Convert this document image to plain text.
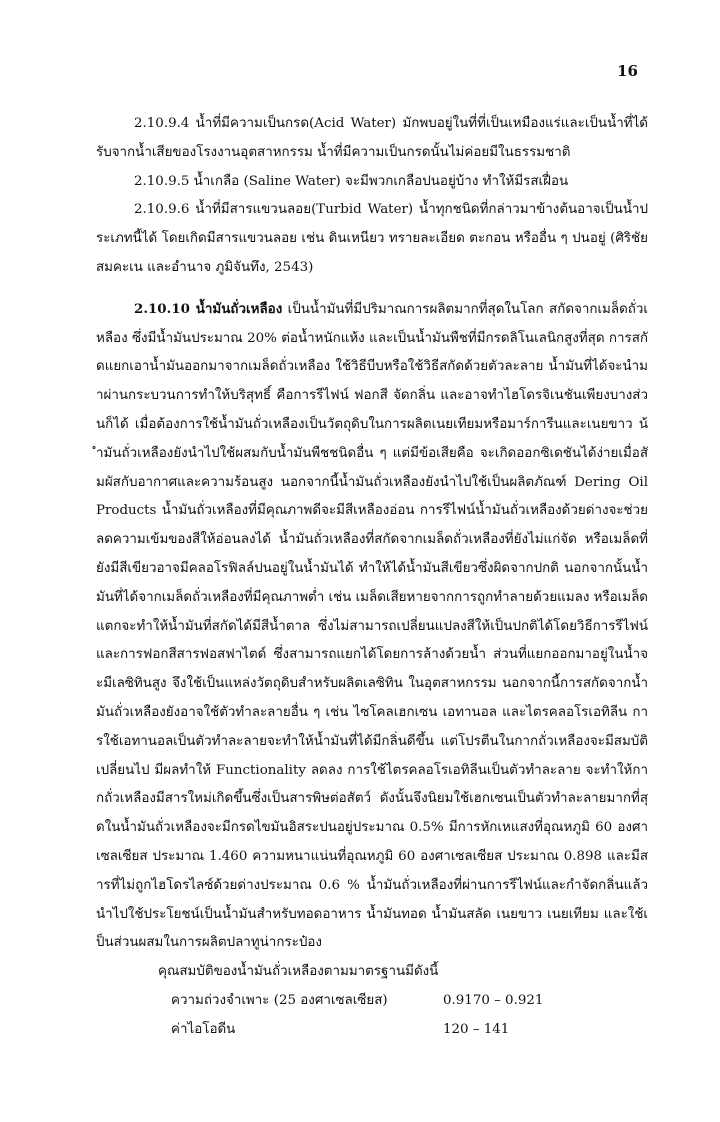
16

2.10.9.4 น้ำที่มีความเป็นกรด(Acid Water) มักพบอยู่ในที่ที่เป็นเหมืองแร่และเป็นน้ำที่ได้รับจากน้ำเสียของโรงงานอุตสาหกรรม น้ำที่มีความเป็นกรดนั้นไม่ค่อยมีในธรรมชาติ

2.10.9.5 น้ำเกลือ (Saline Water) จะมีพวกเกลือปนอยู่บ้าง ทำให้มีรสเฝื่อน

2.10.9.6 น้ำที่มีสารแขวนลอย(Turbid Water) น้ำทุกชนิดที่กล่าวมาข้างต้นอาจเป็นน้ำประเภทนี้ได้ โดยเกิดมีสารแขวนลอย เช่น ดินเหนียว ทรายละเอียด ตะกอน หรืออื่น ๆ ปนอยู่ (ศิริชัย สมคะเน และอำนาจ ภูมิจันทึง, 2543)

2.10.10 น้ำมันถั่วเหลือง เป็นน้ำมันที่มีปริมาณการผลิตมากที่สุดในโลก สกัดจากเมล็ดถั่วเหลือง ซึ่งมีน้ำมันประมาณ 20% ต่อน้ำหนักแห้ง และเป็นน้ำมันพืชที่มีกรดลิโนเลนิกสูงที่สุด การสกัดแยกเอาน้ำมันออกมาจากเมล็ดถั่วเหลือง ใช้วิธีบีบหรือใช้วิธีสกัดด้วยตัวละลาย น้ำมันที่ได้จะนำมาผ่านกระบวนการทำให้บริสุทธิ์ คือการรีไฟน์ ฟอกสี จัดกลิ่น และอาจทำไฮโดรจิเนชันเพียงบางส่วนก็ได้ เมื่อต้องการใช้น้ำมันถั่วเหลืองเป็นวัตถุดิบในการผลิตเนยเทียมหรือมาร์การีนและเนยขาว น้ำมันถั่วเหลืองยังนำไปใช้ผสมกับน้ำมันพืชชนิดอื่น ๆ แต่มีข้อเสียคือ จะเกิดออกซิเดชันได้ง่ายเมื่อสัมผัสกับอากาศและความร้อนสูง นอกจากนี้น้ำมันถั่วเหลืองยังนำไปใช้เป็นผลิตภัณฑ์ Dering Oil Products น้ำมันถั่วเหลืองที่มีคุณภาพดีจะมีสีเหลืองอ่อน การรีไฟน์น้ำมันถั่วเหลืองด้วยด่างจะช่วยลดความเข้มของสีให้อ่อนลงได้ น้ำมันถั่วเหลืองที่สกัดจากเมล็ดถั่วเหลืองที่ยังไม่แก่จัด หรือเมล็ดที่ยังมีสีเขียวอาจมีคลอโรฟิลล์ปนอยู่ในน้ำมันได้ ทำให้ได้น้ำมันสีเขียวซึ่งผิดจากปกติ นอกจากนั้นน้ำมันที่ได้จากเมล็ดถั่วเหลืองที่มีคุณภาพต่ำ เช่น เมล็ดเสียหายจากการถูกทำลายด้วยแมลง หรือเมล็ดแตกจะทำให้น้ำมันที่สกัดได้มีสีน้ำตาล ซึ่งไม่สามารถเปลี่ยนแปลงสีให้เป็นปกติได้โดยวิธีการรีไฟน์และการฟอกสีสารฟอสฟาไตด์ ซึ่งสามารถแยกได้โดยการล้างด้วยน้ำ ส่วนที่แยกออกมาอยู่ในน้ำจะมีเลซิทินสูง จึงใช้เป็นแหล่งวัตถุดิบสำหรับผลิตเลซิทิน ในอุตสาหกรรม นอกจากนี้การสกัดจากน้ำมันถั่วเหลืองยังอาจใช้ตัวทำละลายอื่น ๆ เช่น ไซโคลเฮกเซน เอทานอล และไตรคลอโรเอทิลีน การใช้เอทานอลเป็นตัวทำละลายจะทำให้น้ำมันที่ได้มีกลิ่นดีขึ้น แต่โปรตีนในกากถั่วเหลืองจะมีสมบัติเปลี่ยนไป มีผลทำให้ Functionality ลดลง การใช้ไตรคลอโรเอทิลีนเป็นตัวทำละลาย จะทำให้กากถั่วเหลืองมีสารใหม่เกิดขึ้นซึ่งเป็นสารพิษต่อสัตว์ ดังนั้นจึงนิยมใช้เฮกเซนเป็นตัวทำละลายมากที่สุดในน้ำมันถั่วเหลืองจะมีกรดไขมันอิสระปนอยู่ประมาณ 0.5% มีการหักเหแสงที่อุณหภูมิ 60 องศาเซลเซียส ประมาณ 1.460 ความหนาแน่นที่อุณหภูมิ 60 องศาเซลเซียส ประมาณ 0.898 และมีสารที่ไม่ถูกไฮโดรไลซ์ด้วยด่างประมาณ 0.6 % น้ำมันถั่วเหลืองที่ผ่านการรีไฟน์และกำจัดกลิ่นแล้วนำไปใช้ประโยชน์เป็นน้ำมันสำหรับทอดอาหาร น้ำมันทอด น้ำมันสลัด เนยขาว เนยเทียม และใช้เป็นส่วนผสมในการผลิตปลาทูน่ากระป๋อง

คุณสมบัติของน้ำมันถั่วเหลืองตามมาตรฐานมีดังนี้

ความถ่วงจำเพาะ (25 องศาเซลเซียส)	0.9170 – 0.921
ค่าไอโอดีน	120 – 141
